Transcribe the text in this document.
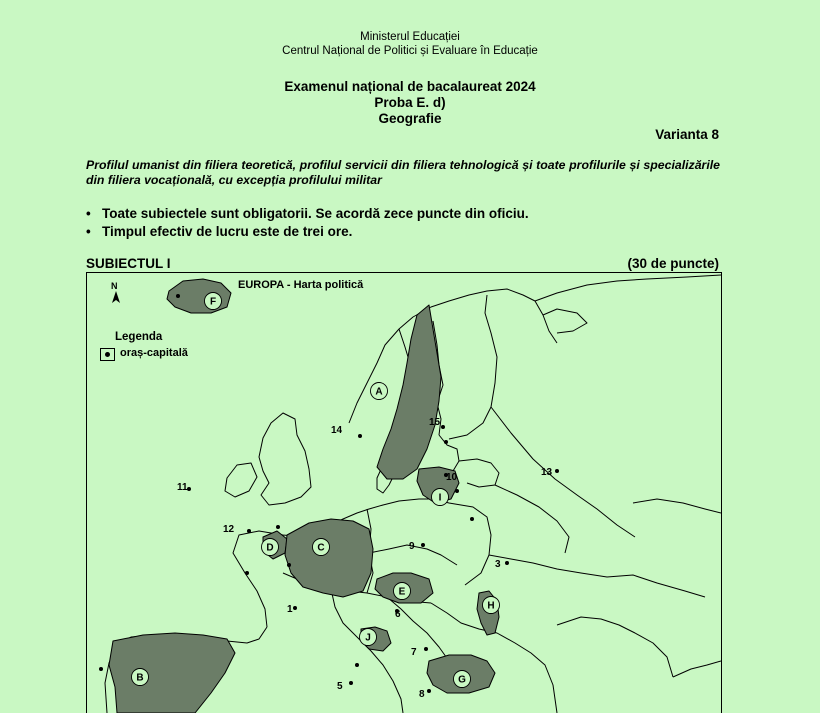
Ministerul Educației
Centrul Național de Politici și Evaluare în Educație
Examenul național de bacalaureat 2024
Proba E. d)
Geografie
Varianta 8
Profilul umanist din filiera teoretică, profilul servicii din filiera tehnologică și toate profilurile și specializările din filiera vocațională, cu excepția profilului militar
• Toate subiectele sunt obligatorii. Se acordă zece puncte din oficiu.
• Timpul efectiv de lucru este de trei ore.
SUBIECTUL I	(30 de puncte)
F
A
I
D	C
E
H
J
B	G
14
15
10	13
11
12
9
3
1	6
7
5
8
N	EUROPA - Harta politică
Legenda
oraș-capitală
